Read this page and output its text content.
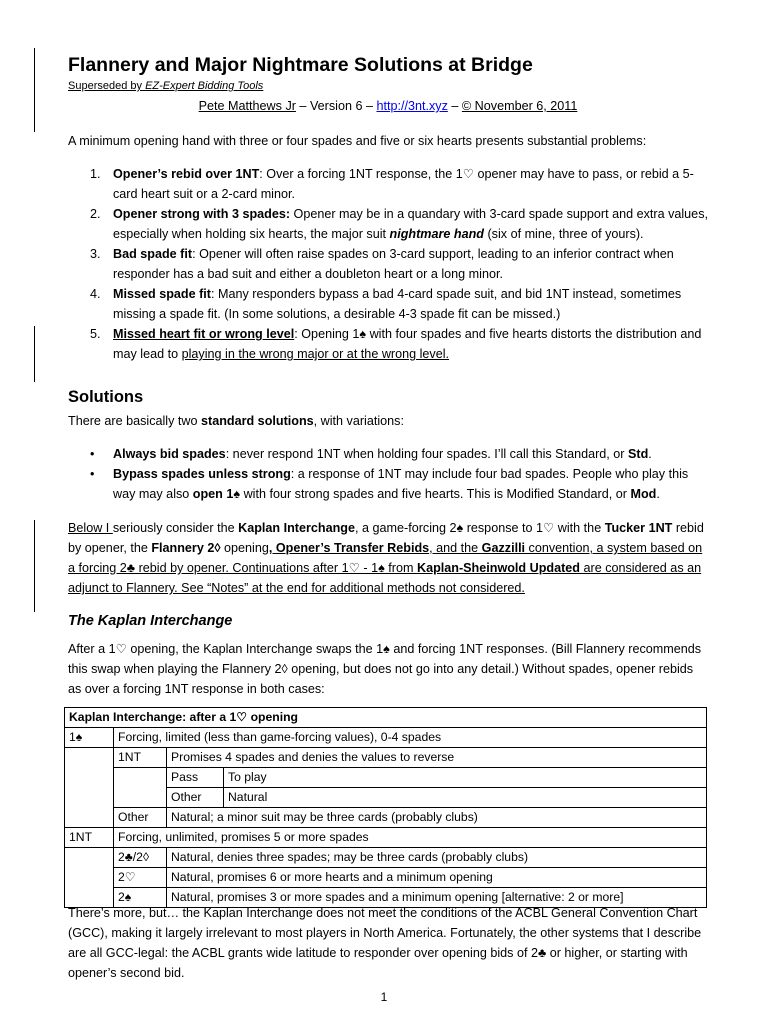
Flannery and Major Nightmare Solutions at Bridge
Superseded by EZ-Expert Bidding Tools
Pete Matthews Jr – Version 6 – http://3nt.xyz – © November 6, 2011
A minimum opening hand with three or four spades and five or six hearts presents substantial problems:
1. Opener’s rebid over 1NT: Over a forcing 1NT response, the 1♡ opener may have to pass, or rebid a 5-card heart suit or a 2-card minor.
2. Opener strong with 3 spades: Opener may be in a quandary with 3-card spade support and extra values, especially when holding six hearts, the major suit nightmare hand (six of mine, three of yours).
3. Bad spade fit: Opener will often raise spades on 3-card support, leading to an inferior contract when responder has a bad suit and either a doubleton heart or a long minor.
4. Missed spade fit: Many responders bypass a bad 4-card spade suit, and bid 1NT instead, sometimes missing a spade fit. (In some solutions, a desirable 4-3 spade fit can be missed.)
5. Missed heart fit or wrong level: Opening 1♠ with four spades and five hearts distorts the distribution and may lead to playing in the wrong major or at the wrong level.
Solutions
There are basically two standard solutions, with variations:
• Always bid spades: never respond 1NT when holding four spades. I’ll call this Standard, or Std.
• Bypass spades unless strong: a response of 1NT may include four bad spades. People who play this way may also open 1♠ with four strong spades and five hearts. This is Modified Standard, or Mod.
Below I seriously consider the Kaplan Interchange, a game-forcing 2♠ response to 1♡ with the Tucker 1NT rebid by opener, the Flannery 2◊ opening, Opener’s Transfer Rebids, and the Gazzilli convention, a system based on a forcing 2♣ rebid by opener. Continuations after 1♡ - 1♠ from Kaplan-Sheinwold Updated are considered as an adjunct to Flannery. See “Notes” at the end for additional methods not considered.
The Kaplan Interchange
After a 1♡ opening, the Kaplan Interchange swaps the 1♠ and forcing 1NT responses. (Bill Flannery recommends this swap when playing the Flannery 2◊ opening, but does not go into any detail.) Without spades, opener rebids as over a forcing 1NT response in both cases:
Kaplan Interchange: after a 1♡ opening			
1♠	Forcing, limited (less than game-forcing values), 0-4 spades		
	1NT	Promises 4 spades and denies the values to reverse	
		Pass	To play
		Other	Natural
	Other	Natural; a minor suit may be three cards (probably clubs)	
1NT	Forcing, unlimited, promises 5 or more spades		
	2♣/2◊	Natural, denies three spades; may be three cards (probably clubs)	
	2♡	Natural, promises 6 or more hearts and a minimum opening	
	2♠	Natural, promises 3 or more spades and a minimum opening [alternative: 2 or more]	
There’s more, but… the Kaplan Interchange does not meet the conditions of the ACBL General Convention Chart (GCC), making it largely irrelevant to most players in North America. Fortunately, the other systems that I describe are all GCC-legal: the ACBL grants wide latitude to responder over opening bids of 2♣ or higher, or starting with opener’s second bid.
1
